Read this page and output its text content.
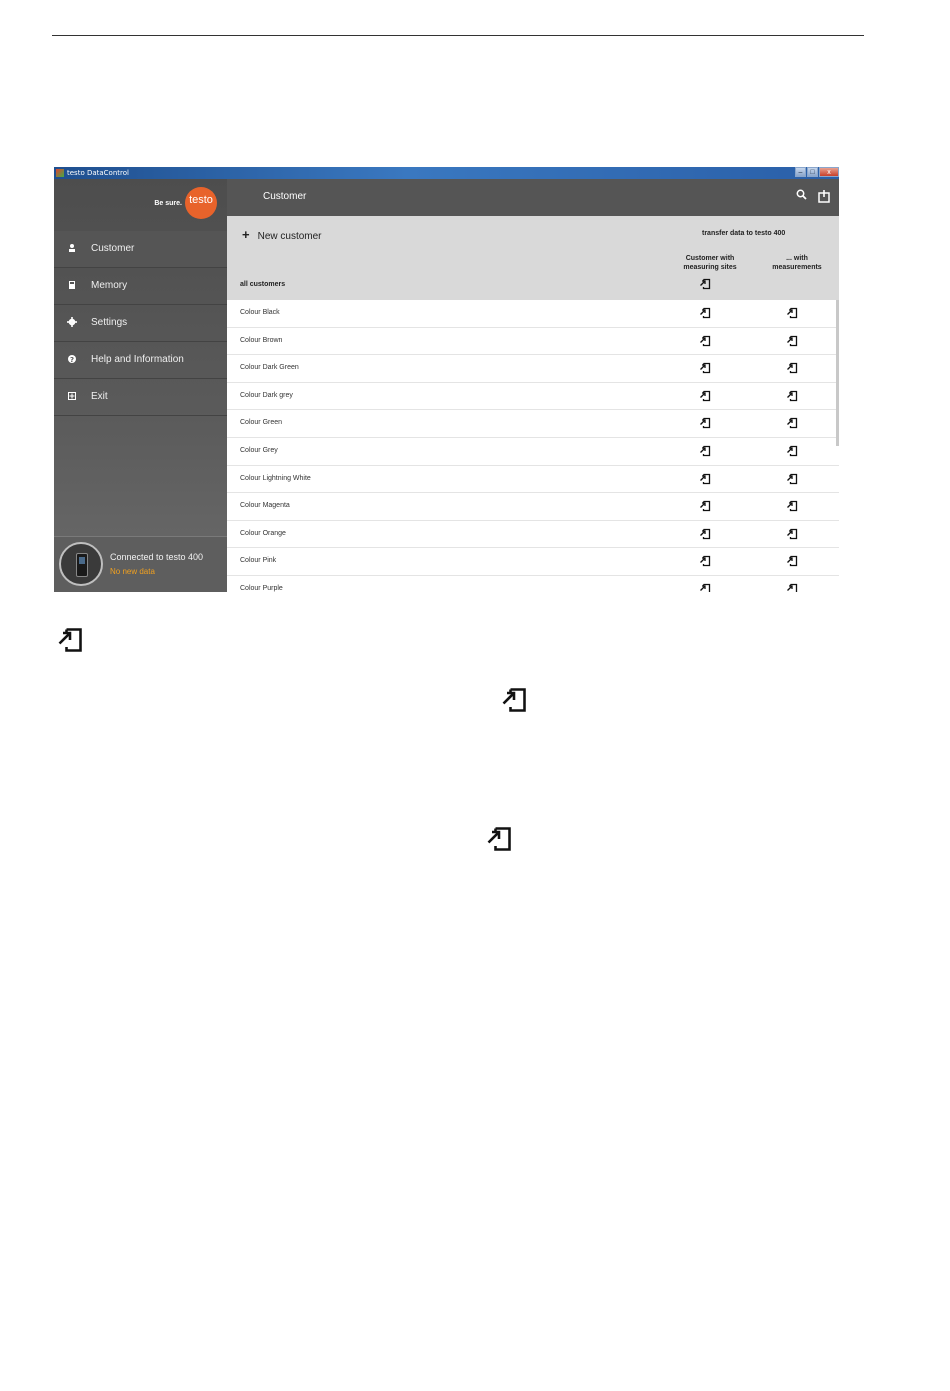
testo DataControl	–	□	x
Be sure. testo
Customer
Memory
Settings
? Help and Information
Exit
Connected to testo 400
No new data
Customer
+ New customer	transfer data to testo 400
Customer with measuring sites
... with measurements
all customers
Colour Black
Colour Brown
Colour Dark Green
Colour Dark grey
Colour Green
Colour Grey
Colour Lightning White
Colour Magenta
Colour Orange
Colour Pink
Colour Purple
